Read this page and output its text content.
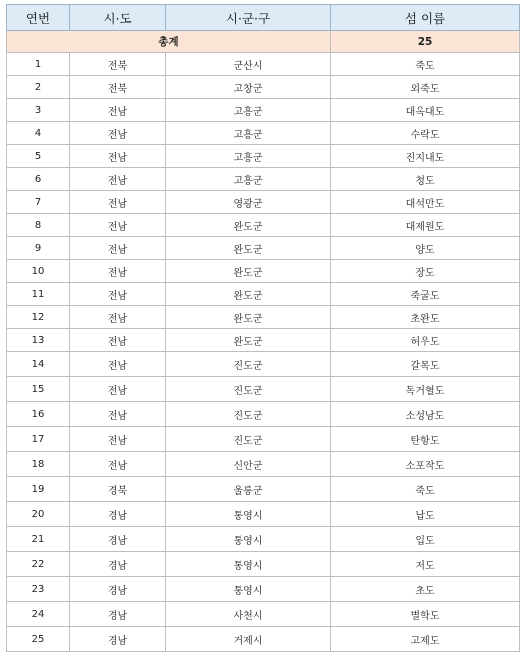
연번	시·도	시·군·구	섬 이름
총계			25
1	전북	군산시	죽도
2	전북	고창군	외죽도
3	전남	고흥군	대옥대도
4	전남	고흥군	수락도
5	전남	고흥군	진지내도
6	전남	고흥군	청도
7	전남	영광군	대석만도
8	전남	완도군	대제원도
9	전남	완도군	양도
10	전남	완도군	장도
11	전남	완도군	죽굴도
12	전남	완도군	초완도
13	전남	완도군	허우도
14	전남	진도군	갈목도
15	전남	진도군	독거혈도
16	전남	진도군	소성남도
17	전남	진도군	탄항도
18	전남	신안군	소포작도
19	경북	울릉군	죽도
20	경남	통영시	납도
21	경남	통영시	입도
22	경남	통영시	저도
23	경남	통영시	초도
24	경남	사천시	별학도
25	경남	거제시	고제도
